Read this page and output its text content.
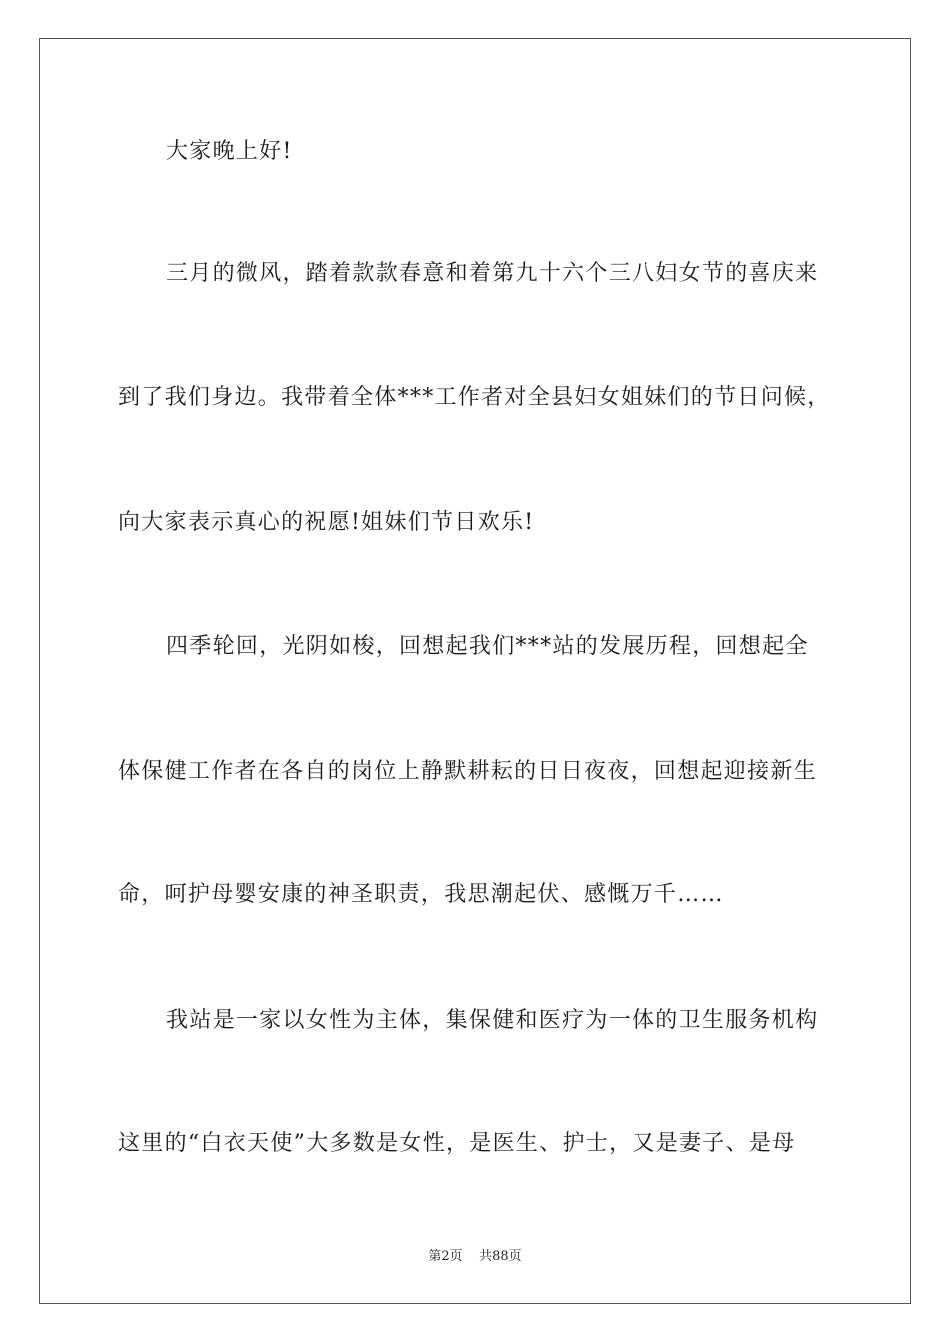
大家晚上好!
三月的微风，踏着款款春意和着第九十六个三八妇女节的喜庆来
到了我们身边。我带着全体***工作者对全县妇女姐妹们的节日问候，
向大家表示真心的祝愿!姐妹们节日欢乐!
四季轮回，光阴如梭，回想起我们***站的发展历程，回想起全
体保健工作者在各自的岗位上静默耕耘的日日夜夜，回想起迎接新生
命，呵护母婴安康的神圣职责，我思潮起伏、感慨万千……
我站是一家以女性为主体，集保健和医疗为一体的卫生服务机构
这里的“白衣天使”大多数是女性，是医生、护士，又是妻子、是母
第2页 共88页
